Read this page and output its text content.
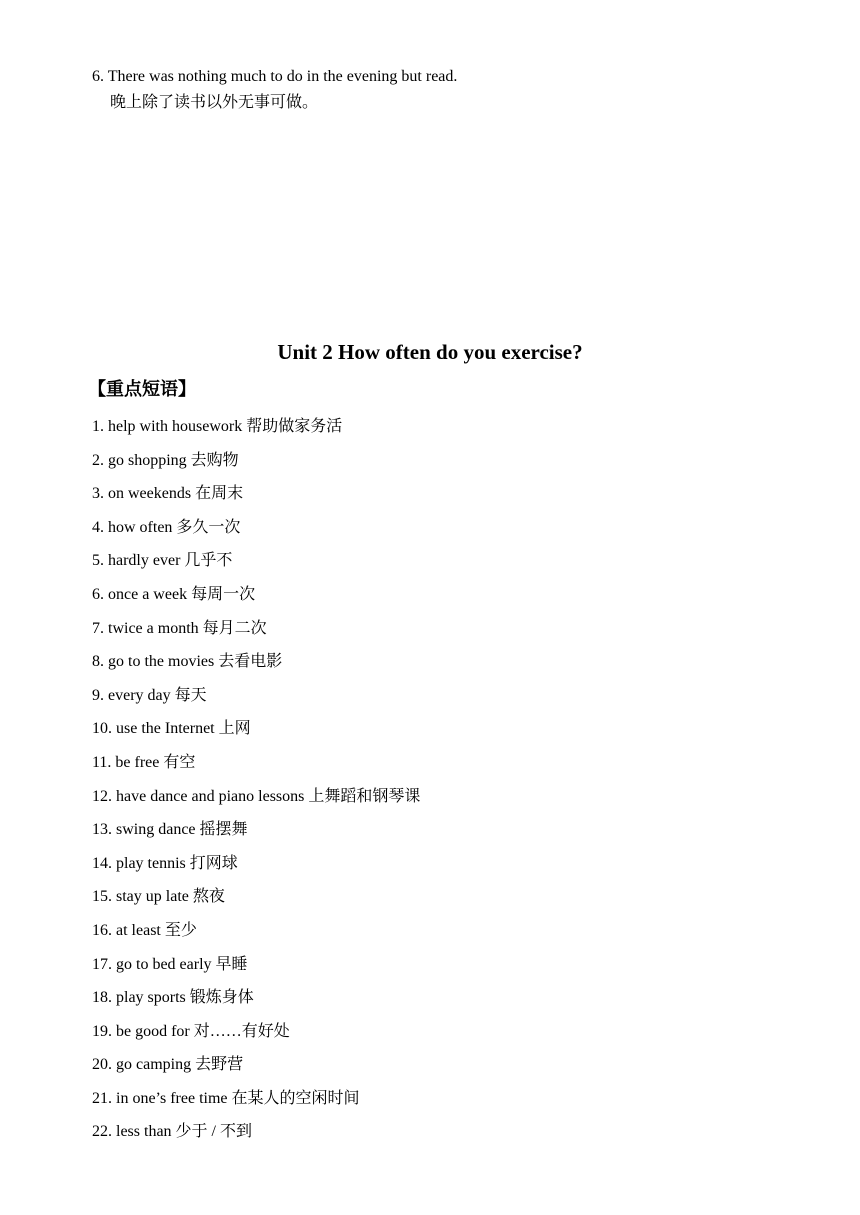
6. There was nothing much to do in the evening but read.
晚上除了读书以外无事可做。
Unit 2 How often do you exercise?
【重点短语】
1. help with housework 帮助做家务活
2. go shopping 去购物
3. on weekends 在周末
4. how often 多久一次
5. hardly ever 几乎不
6. once a week 每周一次
7. twice a month 每月二次
8. go to the movies 去看电影
9. every day 每天
10. use the Internet 上网
11. be free 有空
12. have dance and piano lessons 上舞蹈和钢琴课
13. swing dance 摇摆舞
14. play tennis 打网球
15. stay up late 熬夜
16. at least 至少
17. go to bed early 早睡
18. play sports 锻炼身体
19. be good for 对……有好处
20. go camping 去野营
21. in one’s free time 在某人的空闲时间
22. less than 少于 / 不到
